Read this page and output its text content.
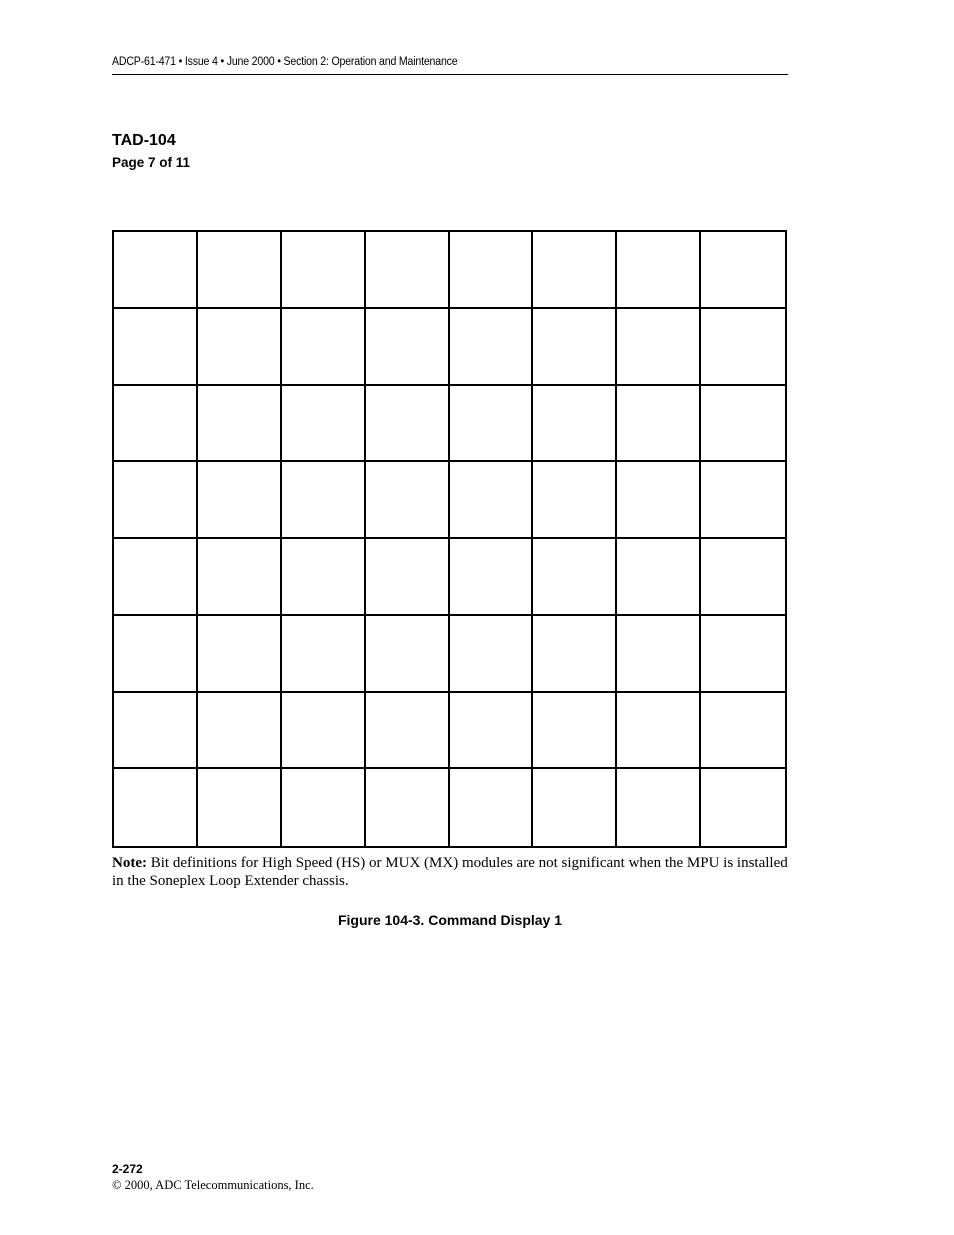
ADCP-61-471 • Issue 4 • June 2000 • Section 2: Operation and Maintenance
TAD-104
Page 7 of 11
Note: Bit definitions for High Speed (HS) or MUX (MX) modules are not significant when the MPU is installed in the Soneplex Loop Extender chassis.
Figure 104-3. Command Display 1
2-272
© 2000, ADC Telecommunications, Inc.
